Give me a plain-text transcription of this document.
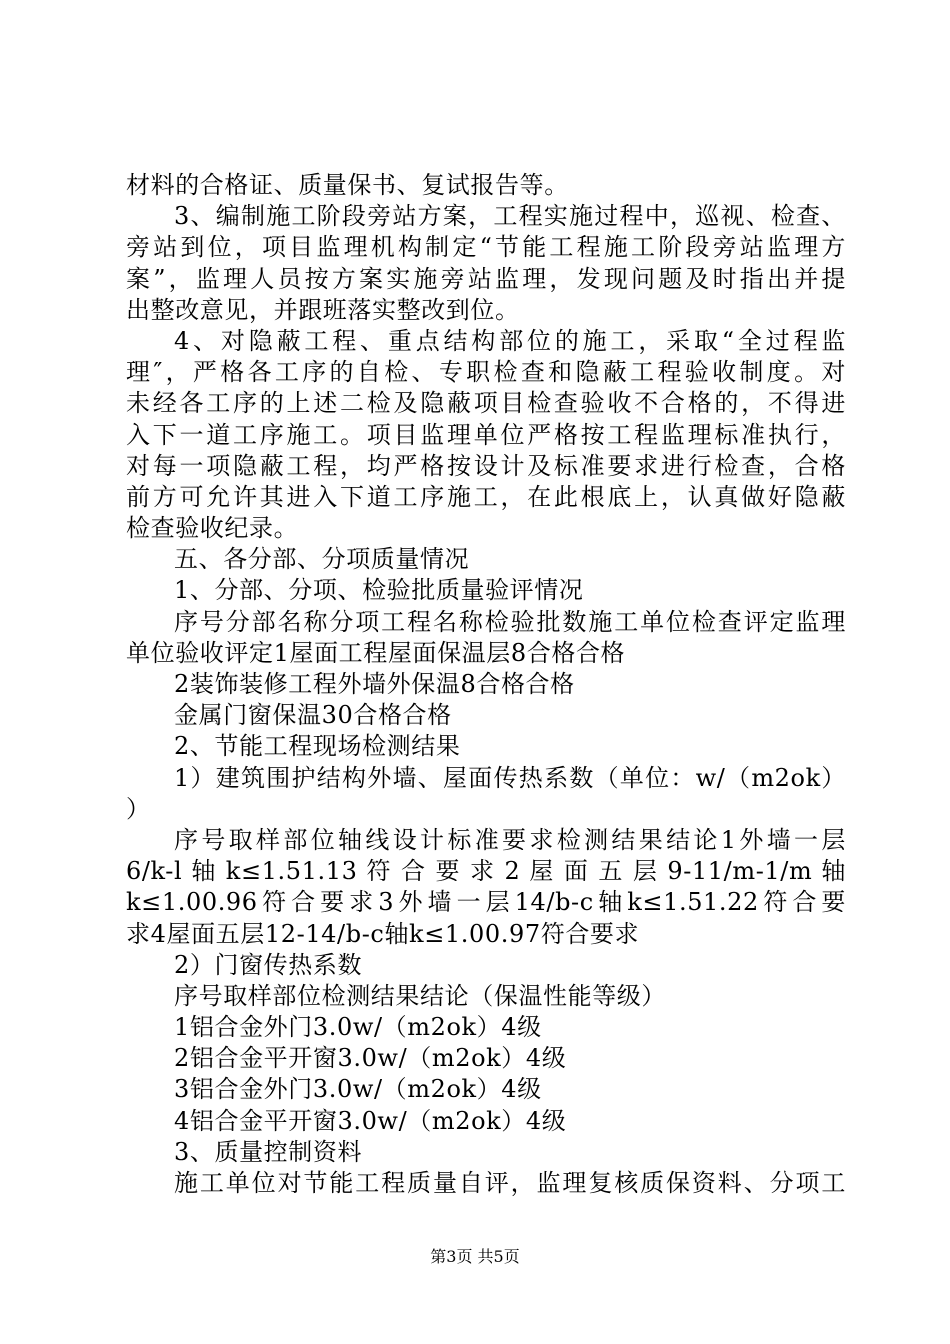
材料的合格证、质量保书、复试报告等。
3、编制施工阶段旁站方案，工程实施过程中，巡视、检查、
旁站到位，项目监理机构制定“节能工程施工阶段旁站监理方
案”，监理人员按方案实施旁站监理，发现问题及时指出并提
出整改意见，并跟班落实整改到位。
4、对隐蔽工程、重点结构部位的施工，采取“全过程监
理″，严格各工序的自检、专职检查和隐蔽工程验收制度。对
未经各工序的上述二检及隐蔽项目检查验收不合格的，不得进
入下一道工序施工。项目监理单位严格按工程监理标准执行，
对每一项隐蔽工程，均严格按设计及标准要求进行检查，合格
前方可允许其进入下道工序施工，在此根底上，认真做好隐蔽
检查验收纪录。
五、各分部、分项质量情况
1、分部、分项、检验批质量验评情况
序号分部名称分项工程名称检验批数施工单位检查评定监理
单位验收评定1屋面工程屋面保温层8合格合格
2装饰装修工程外墙外保温8合格合格
金属门窗保温30合格合格
2、节能工程现场检测结果
1）建筑围护结构外墙、屋面传热系数（单位：w/（m2ok）
）
序号取样部位轴线设计标准要求检测结果结论1外墙一层
6/k-l 轴 k≤1.51.13 符 合 要 求 2 屋 面 五 层 9-11/m-1/m 轴
k≤1.00.96符合要求3外墙一层14/b-c轴k≤1.51.22符合要
求4屋面五层12-14/b-c轴k≤1.00.97符合要求
2）门窗传热系数
序号取样部位检测结果结论（保温性能等级）
1铝合金外门3.0w/（m2ok）4级
2铝合金平开窗3.0w/（m2ok）4级
3铝合金外门3.0w/（m2ok）4级
4铝合金平开窗3.0w/（m2ok）4级
3、质量控制资料
施工单位对节能工程质量自评，监理复核质保资料、分项工
第3页 共5页
